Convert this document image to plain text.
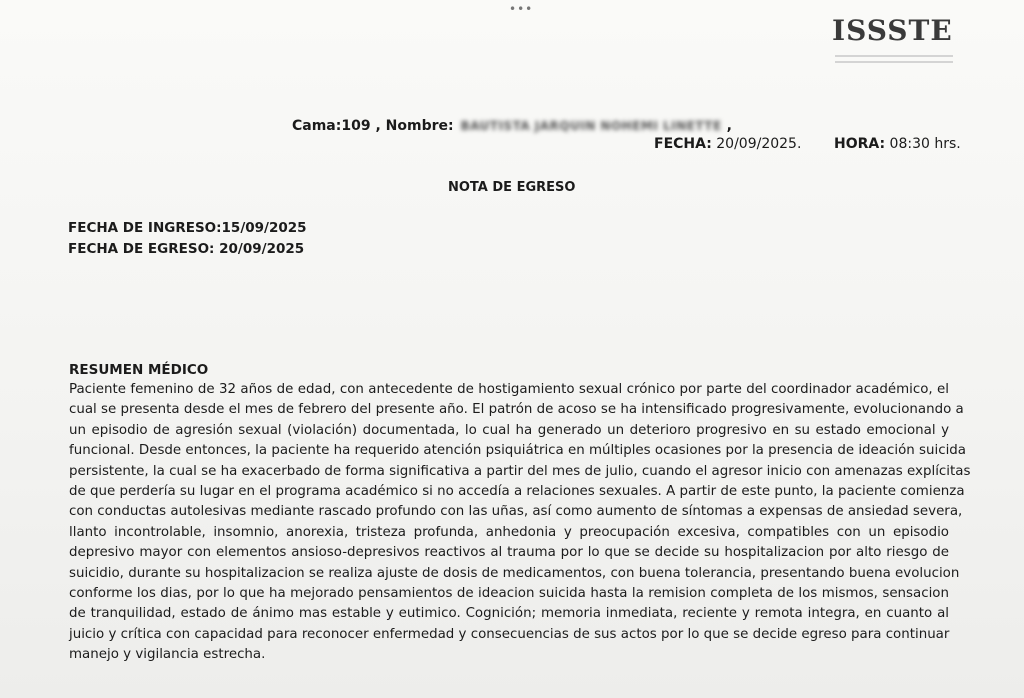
•••
ISSSTE
Cama:109 , Nombre: BAUTISTA JARQUIN NOHEMI LINETTE ,
FECHA: 20/09/2025. HORA: 08:30 hrs.
NOTA DE EGRESO
FECHA DE INGRESO:15/09/2025
FECHA DE EGRESO: 20/09/2025
RESUMEN MÉDICO
Paciente femenino de 32 años de edad, con antecedente de hostigamiento sexual crónico por parte del coordinador académico, el
cual se presenta desde el mes de febrero del presente año. El patrón de acoso se ha intensificado progresivamente, evolucionando a
un episodio de agresión sexual (violación) documentada, lo cual ha generado un deterioro progresivo en su estado emocional y
funcional. Desde entonces, la paciente ha requerido atención psiquiátrica en múltiples ocasiones por la presencia de ideación suicida
persistente, la cual se ha exacerbado de forma significativa a partir del mes de julio, cuando el agresor inicio con amenazas explícitas
de que perdería su lugar en el programa académico si no accedía a relaciones sexuales. A partir de este punto, la paciente comienza
con conductas autolesivas mediante rascado profundo con las uñas, así como aumento de síntomas a expensas de ansiedad severa,
llanto incontrolable, insomnio, anorexia, tristeza profunda, anhedonia y preocupación excesiva, compatibles con un episodio
depresivo mayor con elementos ansioso-depresivos reactivos al trauma por lo que se decide su hospitalizacion por alto riesgo de
suicidio, durante su hospitalizacion se realiza ajuste de dosis de medicamentos, con buena tolerancia, presentando buena evolucion
conforme los dias, por lo que ha mejorado pensamientos de ideacion suicida hasta la remision completa de los mismos, sensacion
de tranquilidad, estado de ánimo mas estable y eutimico. Cognición; memoria inmediata, reciente y remota integra, en cuanto al
juicio y crítica con capacidad para reconocer enfermedad y consecuencias de sus actos por lo que se decide egreso para continuar
manejo y vigilancia estrecha.
